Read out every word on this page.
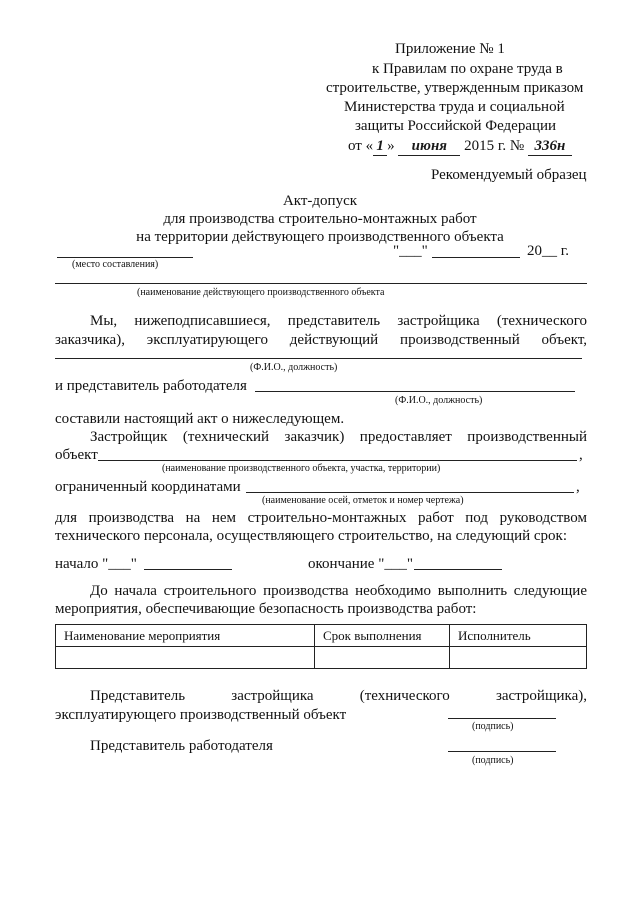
Приложение № 1
к Правилам по охране труда в
строительстве, утвержденным приказом
Министерства труда и социальной
защиты Российской Федерации
от « 1 » июня 2015 г. № 336н
Рекомендуемый образец
Акт-допуск
для производства строительно-монтажных работ
на территории действующего производственного объекта
"___"	20__ г.
(место составления)
(наименование действующего производственного объекта
Мы, нижеподписавшиеся, представитель застройщика (технического
заказчика), эксплуатирующего действующий производственный объект,
(Ф.И.О., должность)
и представитель работодателя
(Ф.И.О., должность)
составили настоящий акт о нижеследующем.
Застройщик (технический заказчик) предоставляет производственный
объект	,
(наименование производственного объекта, участка, территории)
ограниченный координатами	,
(наименование осей, отметок и номер чертежа)
для производства на нем строительно-монтажных работ под руководством
технического персонала, осуществляющего строительство, на следующий срок:
начало "___"	окончание "___"
До начала строительного производства необходимо выполнить следующие
мероприятия, обеспечивающие безопасность производства работ:
Наименование мероприятия	Срок выполнения	Исполнитель

Представитель застройщика (технического застройщика),
эксплуатирующего производственный объект
(подпись)
Представитель работодателя
(подпись)
